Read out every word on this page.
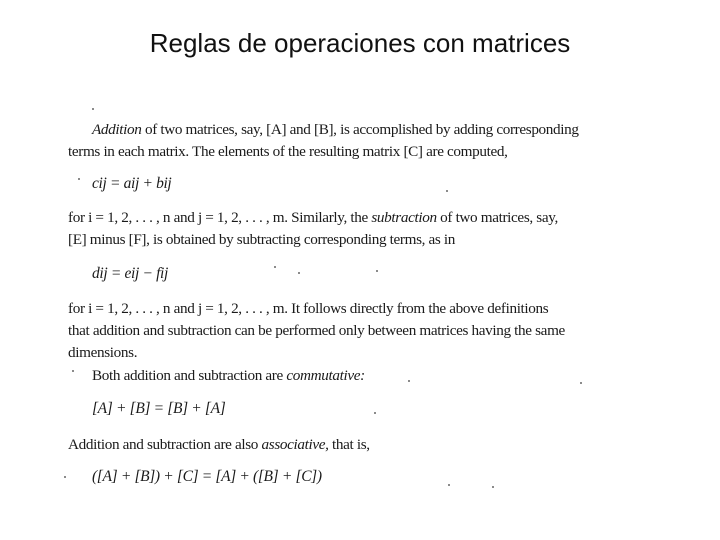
Reglas de operaciones con matrices
Addition of two matrices, say, [A] and [B], is accomplished by adding corresponding
terms in each matrix. The elements of the resulting matrix [C] are computed,
cij = aij + bij
for i = 1, 2, . . . , n and j = 1, 2, . . . , m. Similarly, the subtraction of two matrices, say,
[E] minus [F], is obtained by subtracting corresponding terms, as in
dij = eij − fij
for i = 1, 2, . . . , n and j = 1, 2, . . . , m. It follows directly from the above definitions
that addition and subtraction can be performed only between matrices having the same
dimensions.
Both addition and subtraction are commutative:
[A] + [B] = [B] + [A]
Addition and subtraction are also associative, that is,
([A] + [B]) + [C] = [A] + ([B] + [C])
